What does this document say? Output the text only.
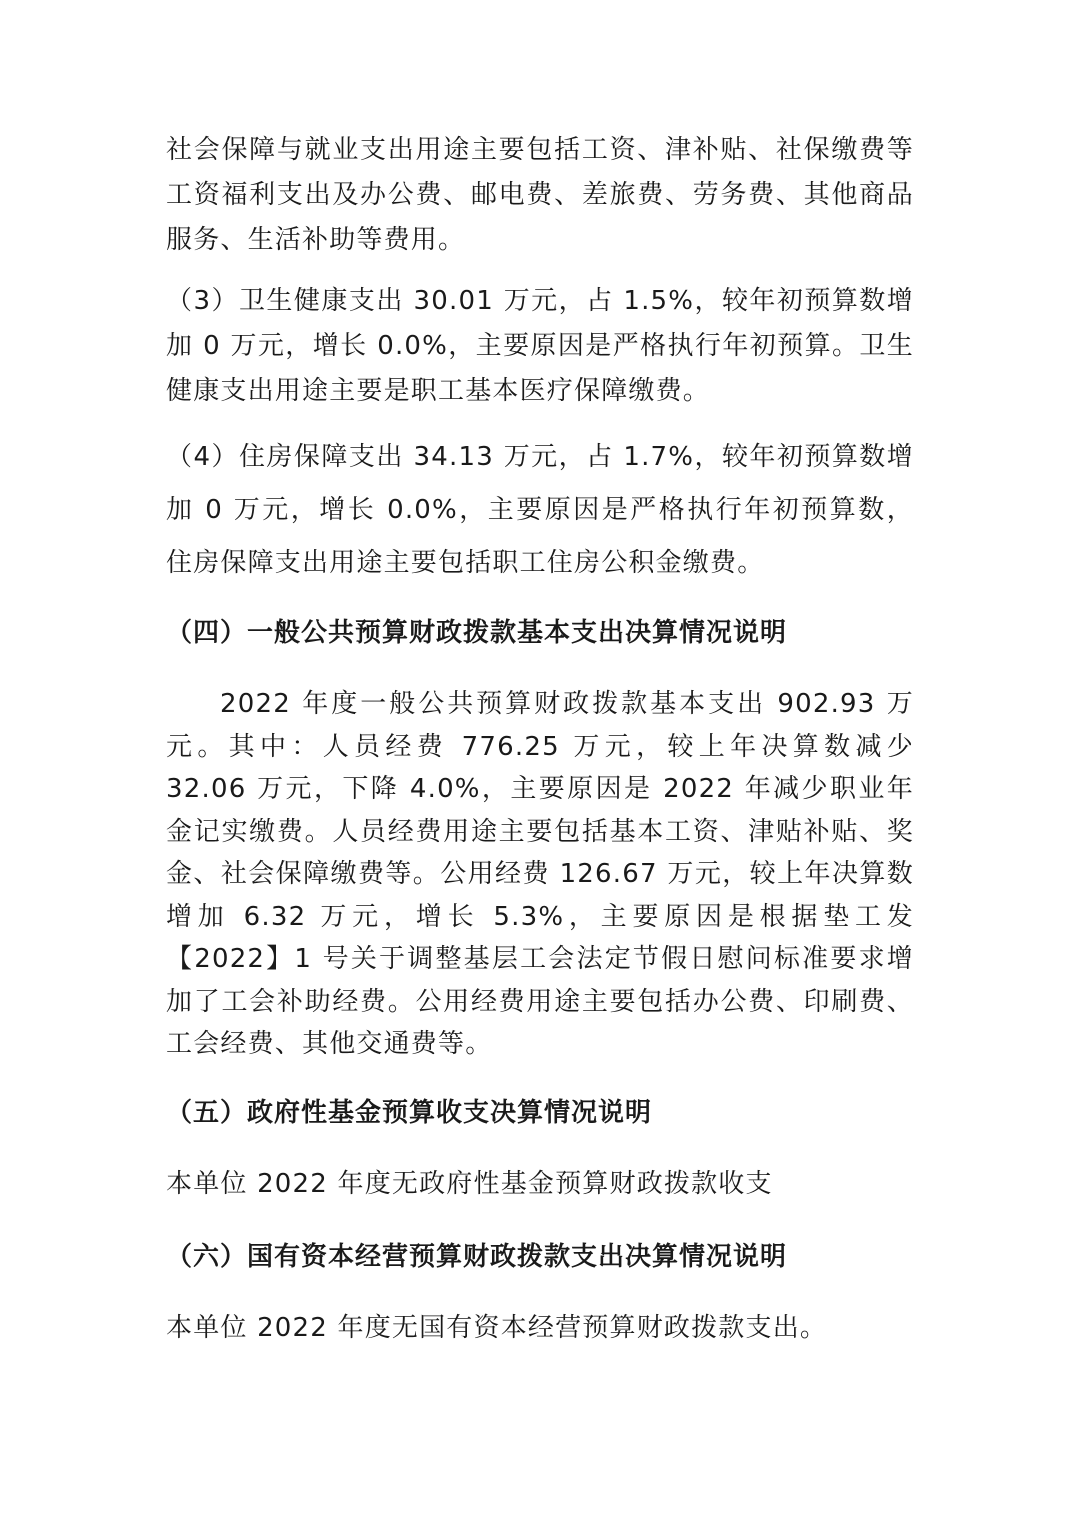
社会保障与就业支出用途主要包括工资、津补贴、社保缴费等工资福利支出及办公费、邮电费、差旅费、劳务费、其他商品服务、生活补助等费用。

（3）卫生健康支出 30.01 万元，占 1.5%，较年初预算数增加 0 万元，增长 0.0%，主要原因是严格执行年初预算。卫生健康支出用途主要是职工基本医疗保障缴费。

（4）住房保障支出 34.13 万元，占 1.7%，较年初预算数增加 0 万元，增长 0.0%，主要原因是严格执行年初预算数， 住房保障支出用途主要包括职工住房公积金缴费。

（四）一般公共预算财政拨款基本支出决算情况说明

2022 年度一般公共预算财政拨款基本支出 902.93 万元。其中：人员经费 776.25 万元，较上年决算数减少 32.06 万元，下降 4.0%，主要原因是 2022 年减少职业年金记实缴费。人员经费用途主要包括基本工资、津贴补贴、奖金、社会保障缴费等。公用经费 126.67 万元，较上年决算数增加 6.32 万元，增长 5.3%，主要原因是根据垫工发【2022】1 号关于调整基层工会法定节假日慰问标准要求增加了工会补助经费。公用经费用途主要包括办公费、印刷费、工会经费、其他交通费等。

（五）政府性基金预算收支决算情况说明

本单位 2022 年度无政府性基金预算财政拨款收支

（六）国有资本经营预算财政拨款支出决算情况说明

本单位 2022 年度无国有资本经营预算财政拨款支出。
